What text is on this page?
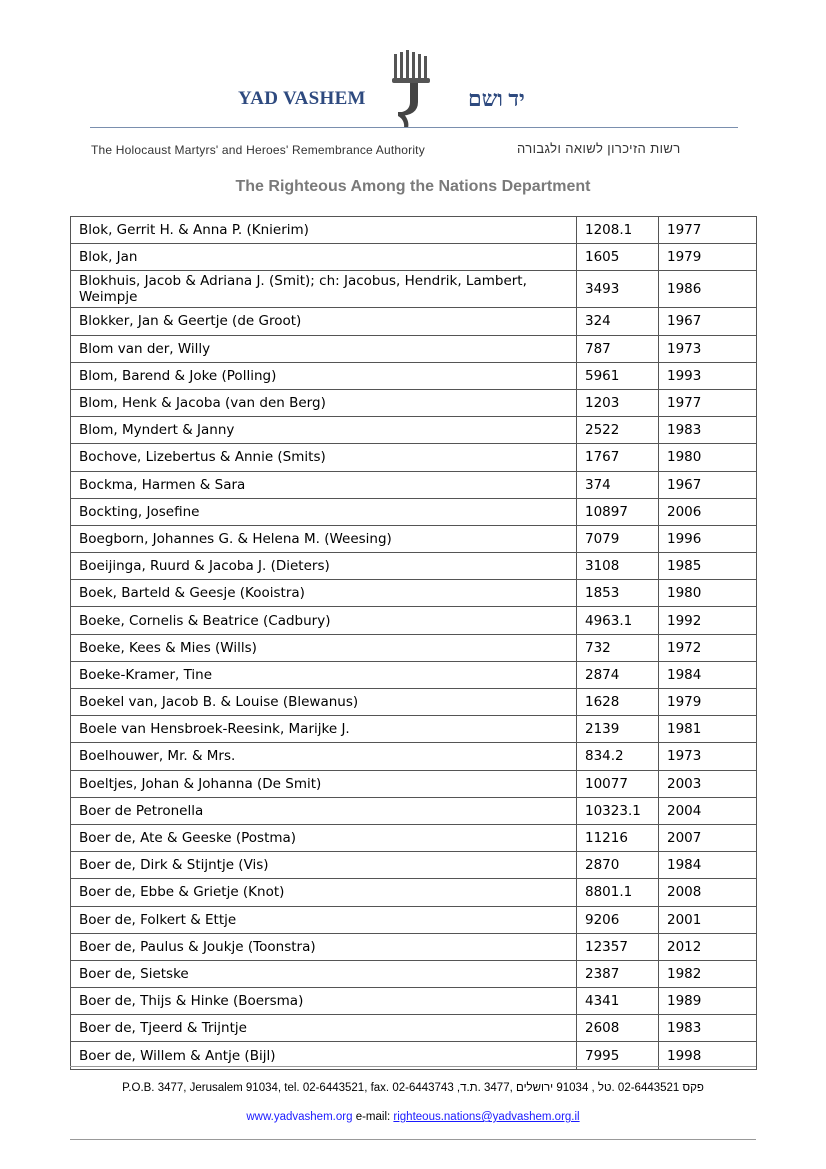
YAD VASHEM	יד ושם
The Holocaust Martyrs' and Heroes' Remembrance Authority	רשות הזיכרון לשואה ולגבורה
The Righteous Among the Nations Department
Blok, Gerrit H. & Anna P. (Knierim)	1208.1	1977
Blok, Jan	1605	1979
Blokhuis, Jacob & Adriana J. (Smit); ch: Jacobus, Hendrik, Lambert, Weimpje	3493	1986
Blokker, Jan & Geertje (de Groot)	324	1967
Blom van der, Willy	787	1973
Blom, Barend & Joke (Polling)	5961	1993
Blom, Henk & Jacoba (van den Berg)	1203	1977
Blom, Myndert & Janny	2522	1983
Bochove, Lizebertus & Annie (Smits)	1767	1980
Bockma, Harmen & Sara	374	1967
Bockting, Josefine	10897	2006
Boegborn, Johannes G. & Helena M. (Weesing)	7079	1996
Boeijinga, Ruurd & Jacoba J. (Dieters)	3108	1985
Boek, Barteld & Geesje (Kooistra)	1853	1980
Boeke, Cornelis & Beatrice (Cadbury)	4963.1	1992
Boeke, Kees & Mies (Wills)	732	1972
Boeke-Kramer, Tine	2874	1984
Boekel van, Jacob B. & Louise (Blewanus)	1628	1979
Boele van Hensbroek-Reesink, Marijke J.	2139	1981
Boelhouwer, Mr. & Mrs.	834.2	1973
Boeltjes, Johan & Johanna (De Smit)	10077	2003
Boer de Petronella	10323.1	2004
Boer de, Ate & Geeske (Postma)	11216	2007
Boer de, Dirk & Stijntje (Vis)	2870	1984
Boer de, Ebbe & Grietje (Knot)	8801.1	2008
Boer de, Folkert & Ettje	9206	2001
Boer de, Paulus & Joukje (Toonstra)	12357	2012
Boer de, Sietske	2387	1982
Boer de, Thijs & Hinke (Boersma)	4341	1989
Boer de, Tjeerd & Trijntje	2608	1983
Boer de, Willem & Antje (Bijl)	7995	1998
P.O.B. 3477, Jerusalem 91034, tel. 02-6443521, fax. 02-6443743 ,פקס 02-6443521 .טל , 91034 ירושלים ,3477 .ת.ד
www.yadvashem.org e-mail: righteous.nations@yadvashem.org.il
